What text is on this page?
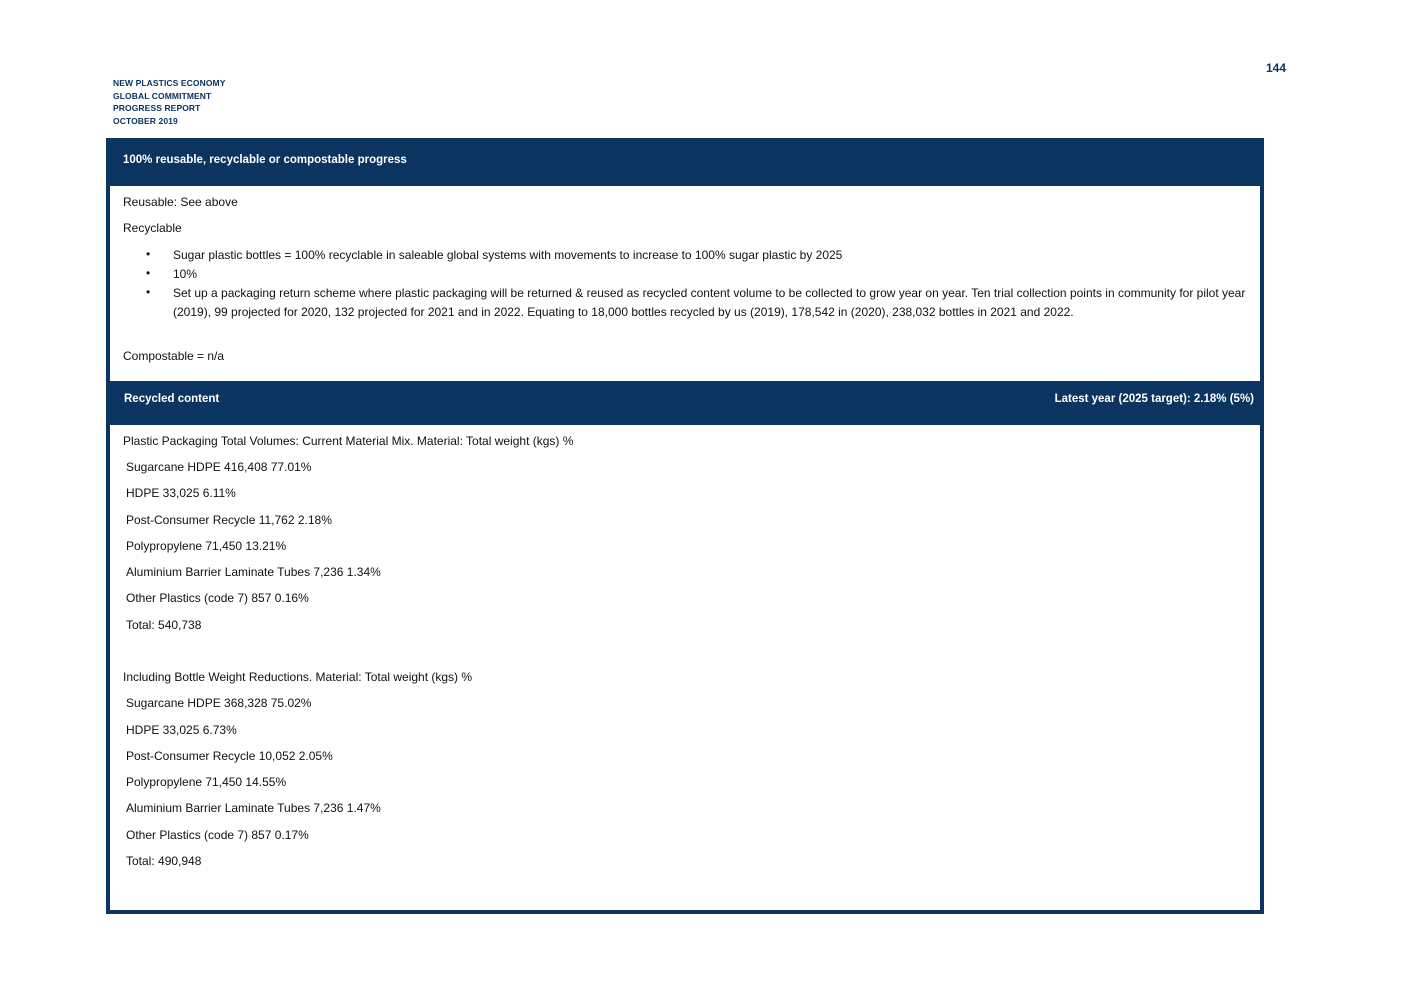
144
NEW PLASTICS ECONOMY
GLOBAL COMMITMENT
PROGRESS REPORT
OCTOBER 2019
100% reusable, recyclable or compostable progress
Reusable: See above
Recyclable
• Sugar plastic bottles = 100% recyclable in saleable global systems with movements to increase to 100% sugar plastic by 2025
• 10%
• Set up a packaging return scheme where plastic packaging will be returned & reused as recycled content volume to be collected to grow year on year. Ten trial collection points in community for pilot year (2019), 99 projected for 2020, 132 projected for 2021 and in 2022. Equating to 18,000 bottles recycled by us (2019), 178,542 in (2020), 238,032 bottles in 2021 and 2022.
Compostable = n/a
Recycled content	Latest year (2025 target): 2.18% (5%)
Plastic Packaging Total Volumes: Current Material Mix. Material: Total weight (kgs) %
Sugarcane HDPE 416,408 77.01%
HDPE 33,025 6.11%
Post-Consumer Recycle 11,762 2.18%
Polypropylene 71,450 13.21%
Aluminium Barrier Laminate Tubes 7,236 1.34%
Other Plastics (code 7) 857 0.16%
Total: 540,738
Including Bottle Weight Reductions. Material: Total weight (kgs) %
Sugarcane HDPE 368,328 75.02%
HDPE 33,025 6.73%
Post-Consumer Recycle 10,052 2.05%
Polypropylene 71,450 14.55%
Aluminium Barrier Laminate Tubes 7,236 1.47%
Other Plastics (code 7) 857 0.17%
Total: 490,948
